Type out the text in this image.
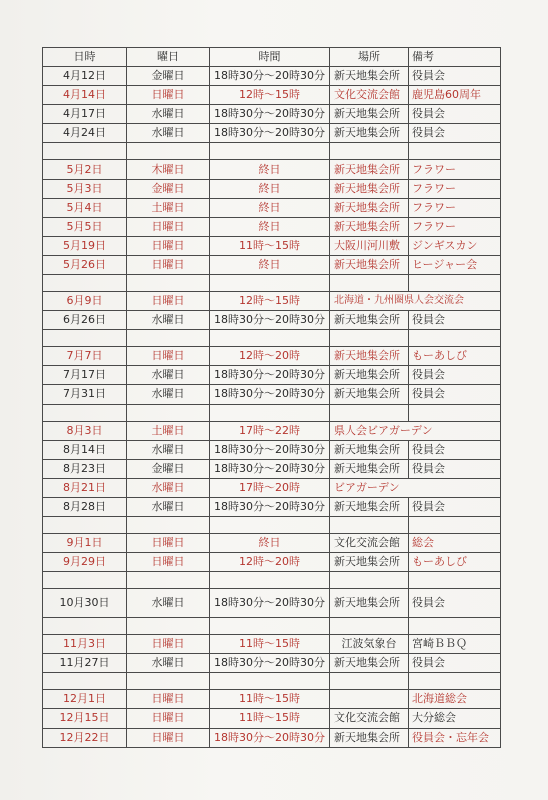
日時	曜日	時間	場所	備考
4月12日	金曜日	18時30分～20時30分	新天地集会所	役員会
4月14日	日曜日	12時～15時	文化交流会館	鹿児島60周年
4月17日	水曜日	18時30分～20時30分	新天地集会所	役員会
4月24日	水曜日	18時30分～20時30分	新天地集会所	役員会

5月2日	木曜日	終日	新天地集会所	フラワー
5月3日	金曜日	終日	新天地集会所	フラワー
5月4日	土曜日	終日	新天地集会所	フラワー
5月5日	日曜日	終日	新天地集会所	フラワー
5月19日	日曜日	11時～15時	大阪川河川敷	ジンギスカン
5月26日	日曜日	終日	新天地集会所	ヒージャー会

6月9日	日曜日	12時～15時	北海道・九州圏県人会交流会	
6月26日	水曜日	18時30分～20時30分	新天地集会所	役員会

7月7日	日曜日	12時～20時	新天地集会所	もーあしび
7月17日	水曜日	18時30分～20時30分	新天地集会所	役員会
7月31日	水曜日	18時30分～20時30分	新天地集会所	役員会

8月3日	土曜日	17時～22時	県人会ビアガーデン	
8月14日	水曜日	18時30分～20時30分	新天地集会所	役員会
8月23日	金曜日	18時30分～20時30分	新天地集会所	役員会
8月21日	水曜日	17時～20時	ビアガーデン	
8月28日	水曜日	18時30分～20時30分	新天地集会所	役員会

9月1日	日曜日	終日	文化交流会館	総会
9月29日	日曜日	12時～20時	新天地集会所	もーあしび

10月30日	水曜日	18時30分～20時30分	新天地集会所	役員会

11月3日	日曜日	11時～15時	江波気象台	宮崎ＢＢＱ
11月27日	水曜日	18時30分～20時30分	新天地集会所	役員会

12月1日	日曜日	11時～15時		北海道総会
12月15日	日曜日	11時～15時	文化交流会館	大分総会
12月22日	日曜日	18時30分～20時30分	新天地集会所	役員会・忘年会
